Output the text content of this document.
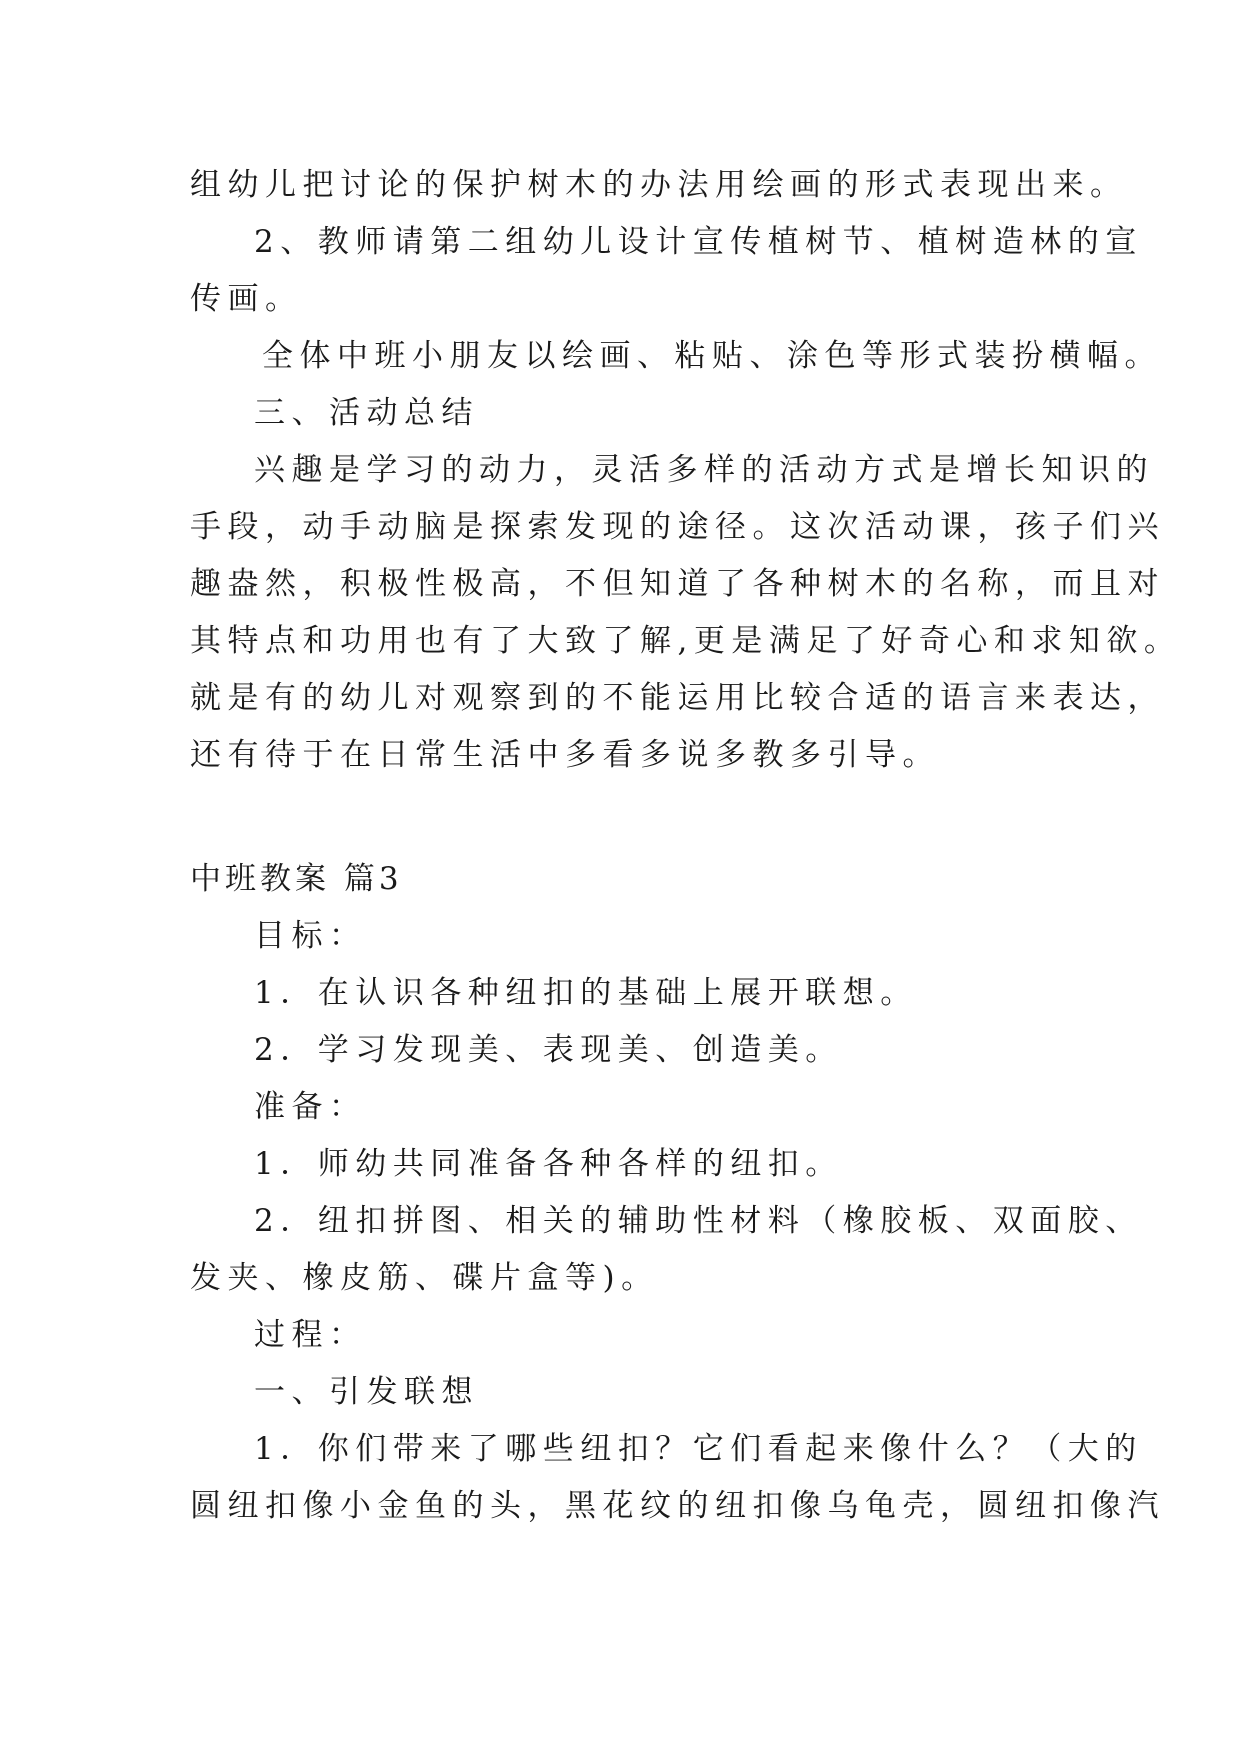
组幼儿把讨论的保护树木的办法用绘画的形式表现出来。
2、教师请第二组幼儿设计宣传植树节、植树造林的宣
传画。
全体中班小朋友以绘画、粘贴、涂色等形式装扮横幅。
三、活动总结
兴趣是学习的动力，灵活多样的活动方式是增长知识的
手段，动手动脑是探索发现的途径。这次活动课，孩子们兴
趣盎然，积极性极高，不但知道了各种树木的名称，而且对
其特点和功用也有了大致了解,更是满足了好奇心和求知欲。
就是有的幼儿对观察到的不能运用比较合适的语言来表达，
还有待于在日常生活中多看多说多教多引导。
中班教案 篇3
目标：
1．在认识各种纽扣的基础上展开联想。
2．学习发现美、表现美、创造美。
准备：
1．师幼共同准备各种各样的纽扣。
2．纽扣拼图、相关的辅助性材料（橡胶板、双面胶、
发夹、橡皮筋、碟片盒等)。
过程：
一、引发联想
1．你们带来了哪些纽扣？它们看起来像什么？（大的
圆纽扣像小金鱼的头，黑花纹的纽扣像乌龟壳，圆纽扣像汽
